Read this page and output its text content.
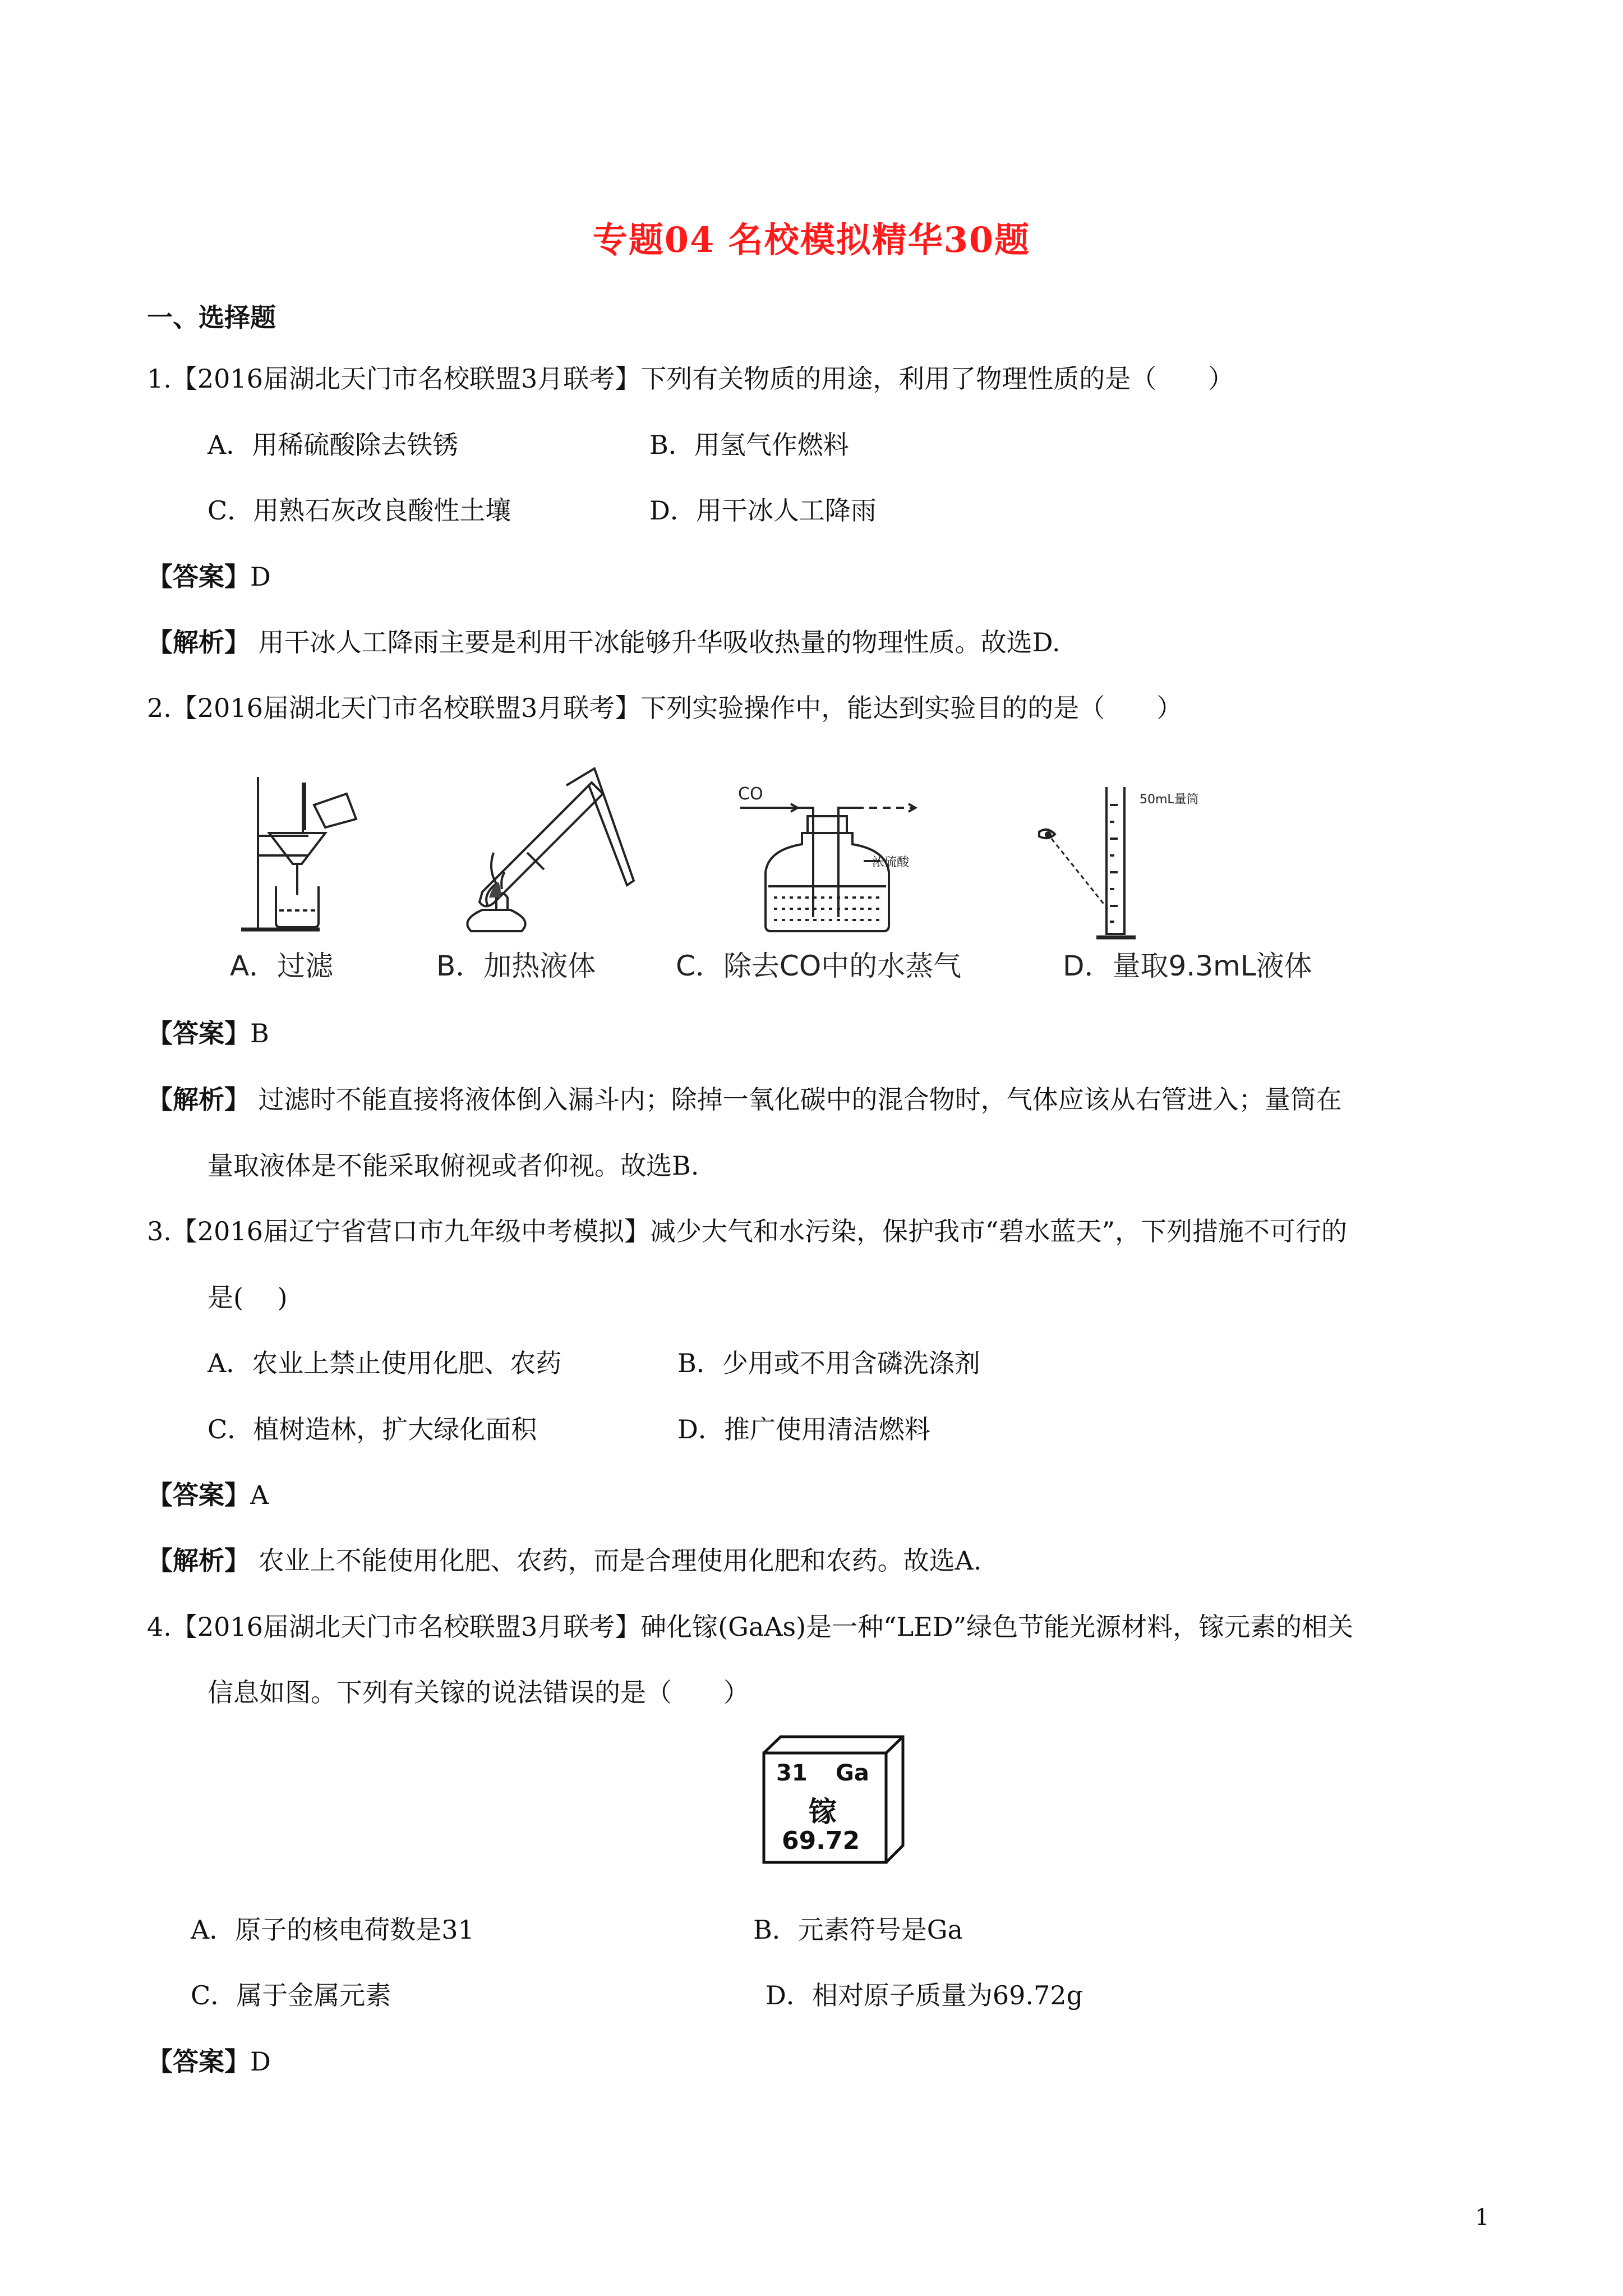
专题04 名校模拟精华30题
一、选择题
1.【2016届湖北天门市名校联盟3月联考】下列有关物质的用途，利用了物理性质的是（　　）
A．用稀硫酸除去铁锈	B．用氢气作燃料
C．用熟石灰改良酸性土壤	D．用干冰人工降雨
【答案】D
【解析】 用干冰人工降雨主要是利用干冰能够升华吸收热量的物理性质。故选D.
2.【2016届湖北天门市名校联盟3月联考】下列实验操作中，能达到实验目的的是（　　）
A．过滤	B．加热液体
CO
浓硫酸
C．除去CO中的水蒸气
50mL量筒
D．量取9.3mL液体
【答案】B
【解析】 过滤时不能直接将液体倒入漏斗内；除掉一氧化碳中的混合物时，气体应该从右管进入；量筒在
量取液体是不能采取俯视或者仰视。故选B.
3.【2016届辽宁省营口市九年级中考模拟】减少大气和水污染，保护我市“碧水蓝天”，下列措施不可行的
是(　 )
A．农业上禁止使用化肥、农药	B．少用或不用含磷洗涤剂
C．植树造林，扩大绿化面积	D．推广使用清洁燃料
【答案】A
【解析】 农业上不能使用化肥、农药，而是合理使用化肥和农药。故选A.
4.【2016届湖北天门市名校联盟3月联考】砷化镓(GaAs)是一种“LED”绿色节能光源材料，镓元素的相关
信息如图。下列有关镓的说法错误的是（　　）
31 Ga
镓
69.72
A．原子的核电荷数是31	B．元素符号是Ga
C．属于金属元素	D．相对原子质量为69.72g
【答案】D
1
